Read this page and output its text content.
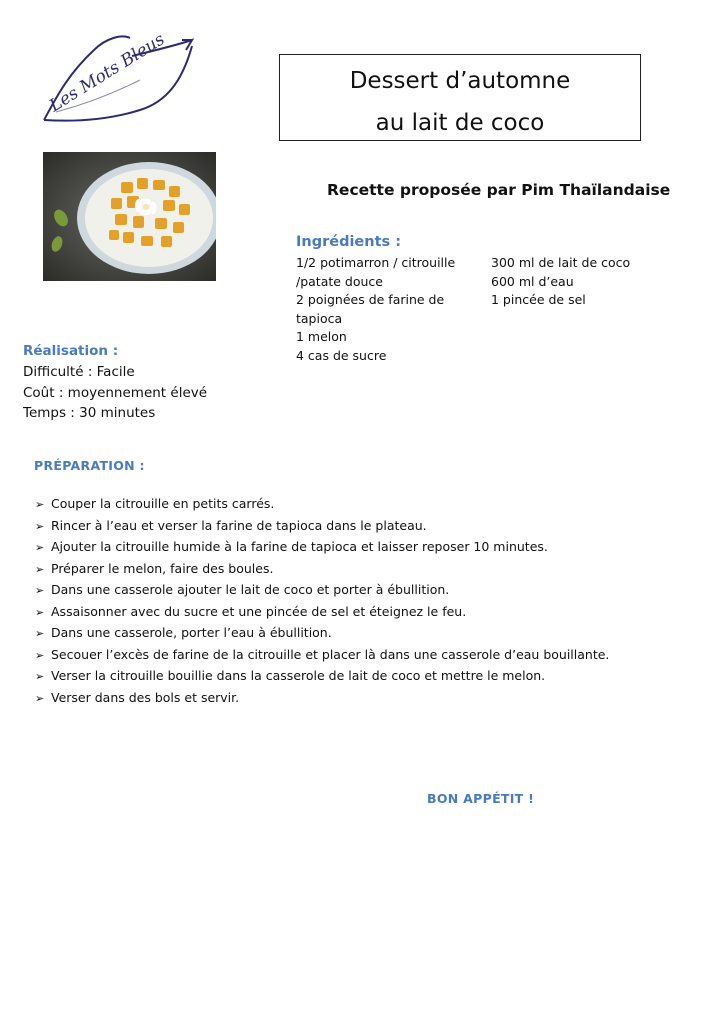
Les Mots Bleus	Dessert d’automne
au lait de coco
Recette proposée par Pim Thaïlandaise
Ingrédients :
1/2 potimarron / citrouille
/patate douce
2 poignées de farine de
tapioca
1 melon
4 cas de sucre
300 ml de lait de coco
600 ml d’eau
1 pincée de sel
Réalisation :
Difficulté : Facile
Coût : moyennement élevé
Temps : 30 minutes
PRÉPARATION :
➢ Couper la citrouille en petits carrés.
➢ Rincer à l’eau et verser la farine de tapioca dans le plateau.
➢ Ajouter la citrouille humide à la farine de tapioca et laisser reposer 10 minutes.
➢ Préparer le melon, faire des boules.
➢ Dans une casserole ajouter le lait de coco et porter à ébullition.
➢ Assaisonner avec du sucre et une pincée de sel et éteignez le feu.
➢ Dans une casserole, porter l’eau à ébullition.
➢ Secouer l’excès de farine de la citrouille et placer là dans une casserole d’eau bouillante.
➢ Verser la citrouille bouillie dans la casserole de lait de coco et mettre le melon.
➢ Verser dans des bols et servir.
BON APPÉTIT !
